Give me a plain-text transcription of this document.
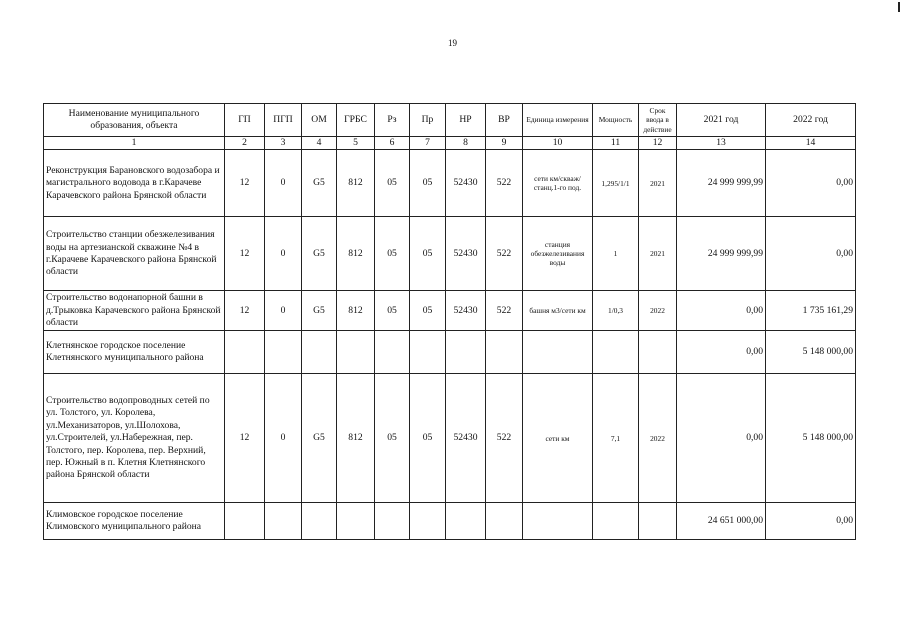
19
Наименование муниципального образования, объекта	ГП	ПГП	ОМ	ГРБС	Рз	Пр	НР	ВР	Единица измерения	Мощность	Срок ввода в действие	2021 год	2022 год
1	2	3	4	5	6	7	8	9	10	11	12	13	14
Реконструкция Барановского водозабора и магистрального водовода в г.Карачеве Карачевского района Брянской области	12	0	G5	812	05	05	52430	522	сети км/скваж/станц.1-го под.	1,295/1/1	2021	24 999 999,99	0,00
Строительство станции обезжелезивания воды на артезианской скважине №4 в г.Карачеве Карачевского района Брянской области	12	0	G5	812	05	05	52430	522	станция обезжелезивания воды	1	2021	24 999 999,99	0,00
Строительство водонапорной башни в д.Трыковка Карачевского района Брянской области	12	0	G5	812	05	05	52430	522	башня м3/сети км	1/0,3	2022	0,00	1 735 161,29
Клетнянское городское поселение Клетнянского муниципального района												0,00	5 148 000,00
Строительство водопроводных сетей по ул. Толстого, ул. Королева, ул.Механизаторов, ул.Шолохова, ул.Строителей, ул.Набережная, пер. Толстого, пер. Королева, пер. Верхний, пер. Южный в п. Клетня Клетнянского района Брянской области	12	0	G5	812	05	05	52430	522	сети км	7,1	2022	0,00	5 148 000,00
Климовское городское поселение Климовского муниципального района												24 651 000,00	0,00
